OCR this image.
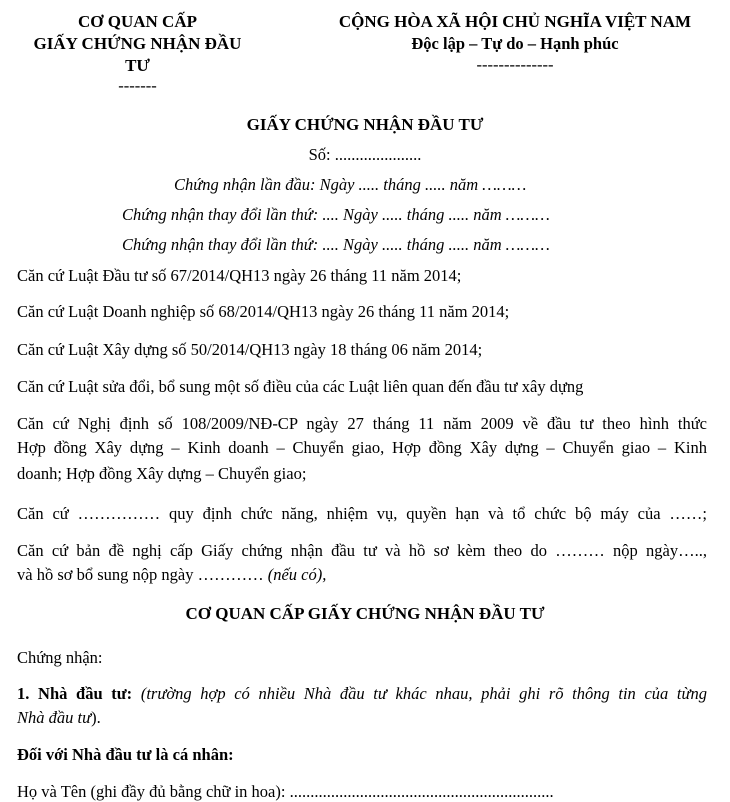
CƠ QUAN CẤP
GIẤY CHỨNG NHẬN ĐẦU
TƯ
-------
CỘNG HÒA XÃ HỘI CHỦ NGHĨA VIỆT NAM
Độc lập – Tự do – Hạnh phúc
--------------
GIẤY CHỨNG NHẬN ĐẦU TƯ
Số: .....................
Chứng nhận lần đầu: Ngày ..... tháng ..... năm ………
Chứng nhận thay đổi lần thứ: .... Ngày ..... tháng ..... năm ………
Chứng nhận thay đổi lần thứ: .... Ngày ..... tháng ..... năm ………
Căn cứ Luật Đầu tư số 67/2014/QH13 ngày 26 tháng 11 năm 2014;
Căn cứ Luật Doanh nghiệp số 68/2014/QH13 ngày 26 tháng 11 năm 2014;
Căn cứ Luật Xây dựng số 50/2014/QH13 ngày 18 tháng 06 năm 2014;
Căn cứ Luật sửa đổi, bổ sung một số điều của các Luật liên quan đến đầu tư xây dựng
Căn cứ Nghị định số 108/2009/NĐ-CP ngày 27 tháng 11 năm 2009 về đầu tư theo hình thức
Hợp đồng Xây dựng – Kinh doanh – Chuyển giao, Hợp đồng Xây dựng – Chuyển giao – Kinh
doanh; Hợp đồng Xây dựng – Chuyển giao;
Căn cứ …………… quy định chức năng, nhiệm vụ, quyền hạn và tổ chức bộ máy của ……;
Căn cứ bản đề nghị cấp Giấy chứng nhận đầu tư và hồ sơ kèm theo do ……… nộp ngày…..,
và hồ sơ bổ sung nộp ngày ………… (nếu có),
CƠ QUAN CẤP GIẤY CHỨNG NHẬN ĐẦU TƯ
Chứng nhận:
1. Nhà đầu tư: (trường hợp có nhiều Nhà đầu tư khác nhau, phải ghi rõ thông tin của từng
Nhà đầu tư).
Đối với Nhà đầu tư là cá nhân:
Họ và Tên (ghi đầy đủ bằng chữ in hoa): ................................................................
